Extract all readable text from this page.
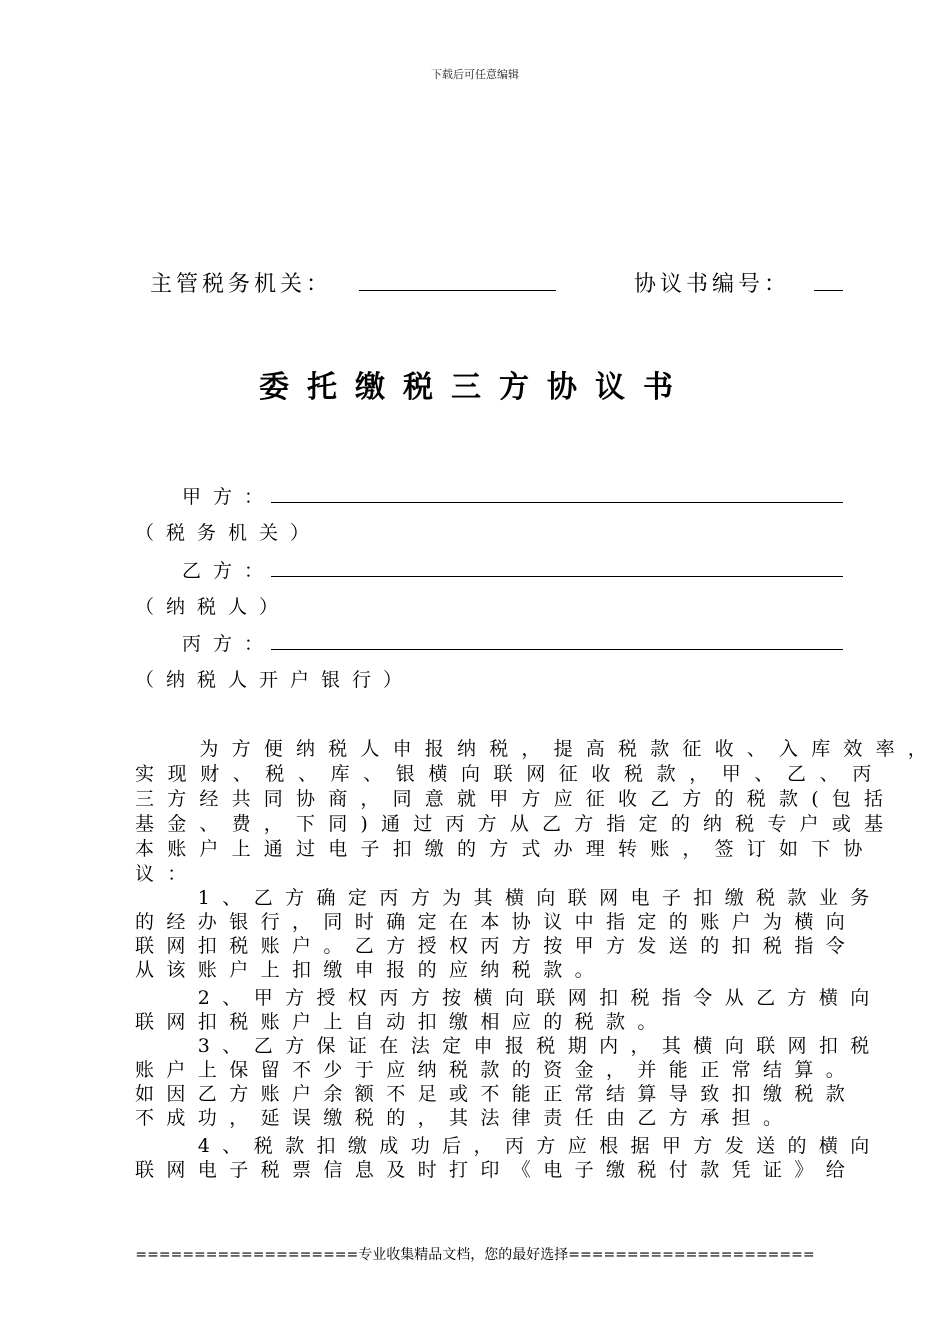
下载后可任意编辑
主管税务机关：	协议书编号：
委托缴税三方协议书
甲方：
（税务机关）
乙方：
（纳税人）
丙方：
（纳税人开户银行）
　　为方便纳税人申报纳税，提高税款征收、入库效率，
实现财、税、库、银横向联网征收税款，甲、乙、丙
三方经共同协商，同意就甲方应征收乙方的税款(包括
基金、费，下同)通过丙方从乙方指定的纳税专户或基
本账户上通过电子扣缴的方式办理转账，签订如下协
议：
　　1、乙方确定丙方为其横向联网电子扣缴税款业务
的经办银行，同时确定在本协议中指定的账户为横向
联网扣税账户。乙方授权丙方按甲方发送的扣税指令
从该账户上扣缴申报的应纳税款。
　　2、甲方授权丙方按横向联网扣税指令从乙方横向
联网扣税账户上自动扣缴相应的税款。
　　3、乙方保证在法定申报税期内，其横向联网扣税
账户上保留不少于应纳税款的资金，并能正常结算。
如因乙方账户余额不足或不能正常结算导致扣缴税款
不成功，延误缴税的，其法律责任由乙方承担。
　　4、税款扣缴成功后，丙方应根据甲方发送的横向
联网电子税票信息及时打印《电子缴税付款凭证》给
===================专业收集精品文档，您的最好选择=====================
